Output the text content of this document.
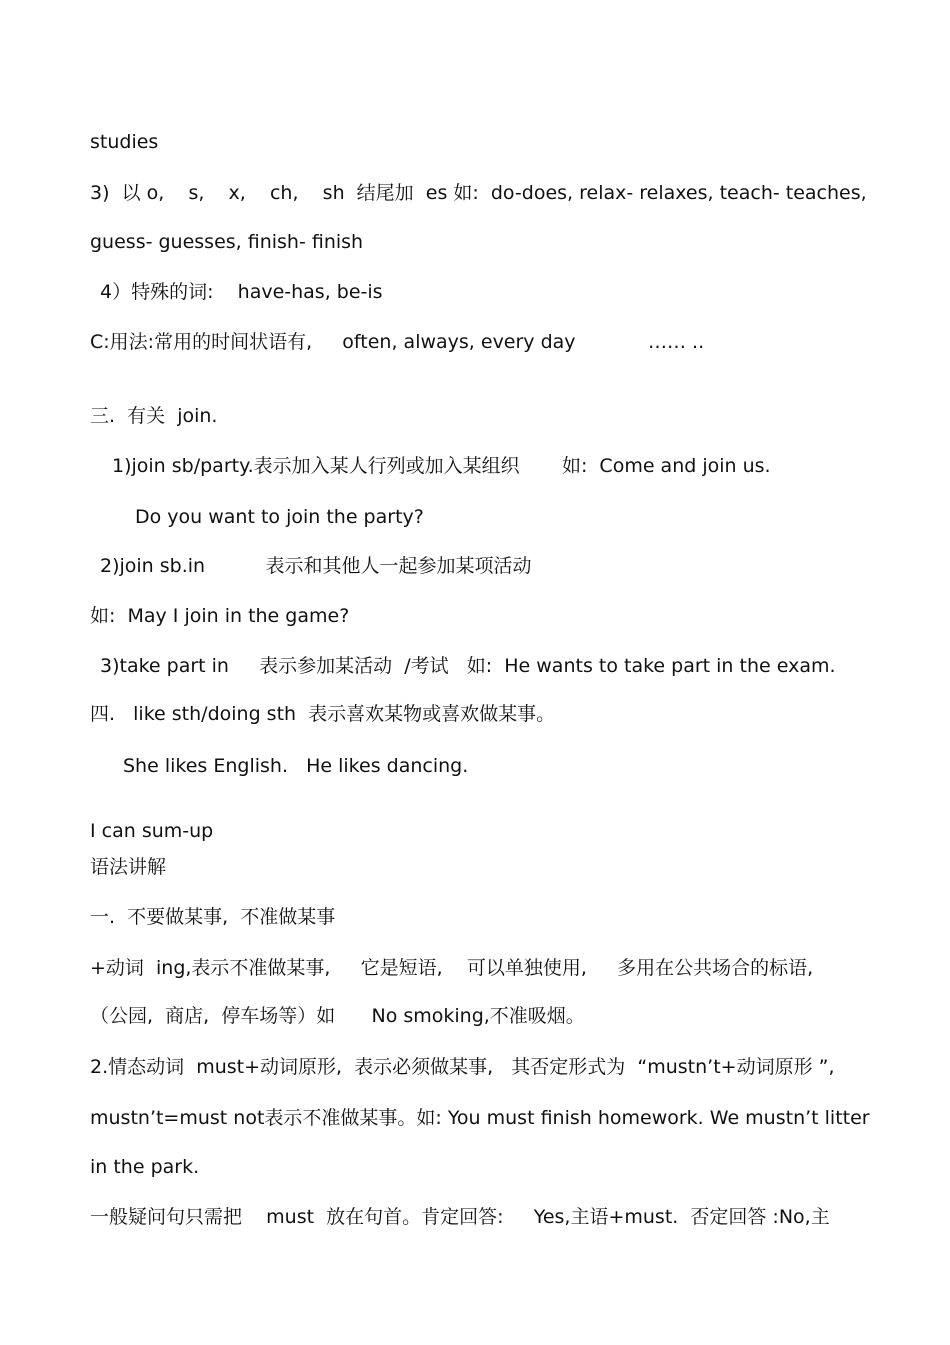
studies
3)  以 o,    s,    x,    ch,    sh  结尾加  es 如:  do-does, relax- relaxes, teach- teaches,
guess- guesses, finish- finish
4）特殊的词:    have-has, be-is
C:用法:常用的时间状语有,     often, always, every day            …… ..
三.  有关  join.
1)join sb/party.表示加入某人行列或加入某组织       如:  Come and join us.
Do you want to join the party?
2)join sb.in          表示和其他人一起参加某项活动
如:  May I join in the game?
3)take part in     表示参加某活动  /考试   如:  He wants to take part in the exam.
四.   like sth/doing sth  表示喜欢某物或喜欢做某事。
She likes English.   He likes dancing.
I can sum-up
语法讲解
一.  不要做某事,  不准做某事
+动词  ing,表示不准做某事,     它是短语,    可以单独使用,     多用在公共场合的标语,
（公园,  商店,  停车场等）如      No smoking,不准吸烟。
2.情态动词  must+动词原形,  表示必须做某事,   其否定形式为  “mustn’t+动词原形 ”,
mustn’t=must not表示不准做某事。如: You must finish homework. We mustn’t litter
in the park.
一般疑问句只需把    must  放在句首。肯定回答:     Yes,主语+must.  否定回答 :No,主
